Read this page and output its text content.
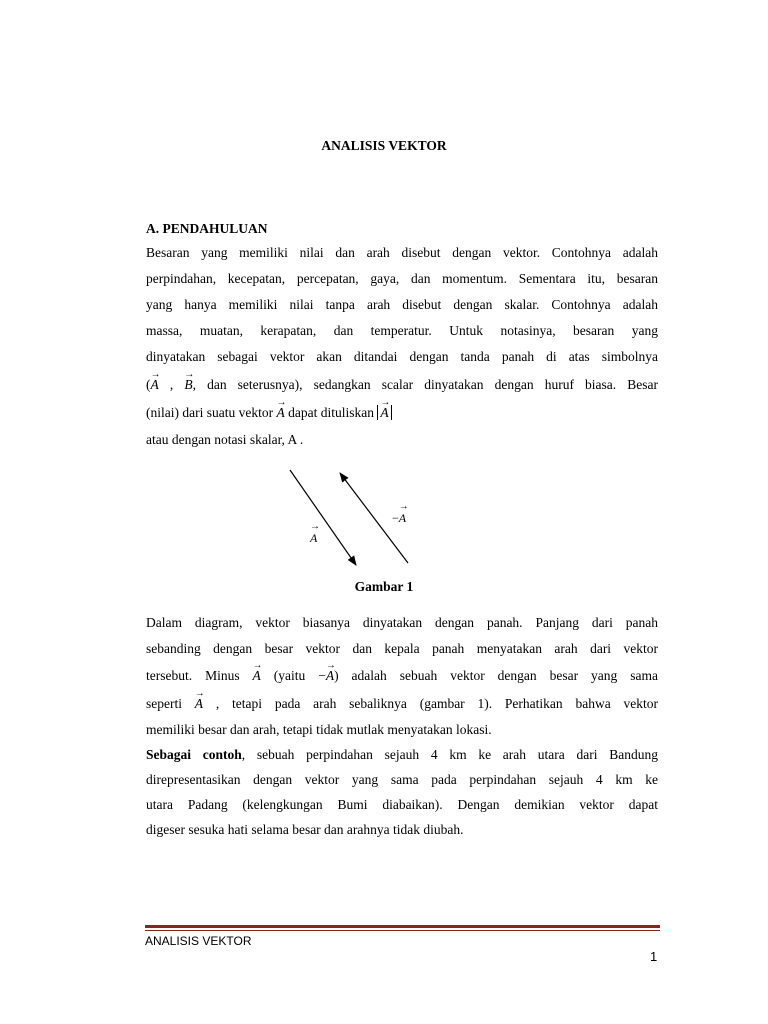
ANALISIS VEKTOR
A. PENDAHULUAN
Besaran yang memiliki nilai dan arah disebut dengan vektor. Contohnya adalah
perpindahan, kecepatan, percepatan, gaya, dan momentum. Sementara itu, besaran
yang hanya memiliki nilai tanpa arah disebut dengan skalar. Contohnya adalah
massa, muatan, kerapatan, dan temperatur. Untuk notasinya, besaran yang
dinyatakan sebagai vektor akan ditandai dengan tanda panah di atas simbolnya
(→ A , → B, dan seterusnya), sedangkan scalar dinyatakan dengan huruf biasa. Besar
(nilai) dari suatu vektor → A dapat dituliskan → A
atau dengan notasi skalar, A .
→ A
−→ A
Gambar 1
Dalam diagram, vektor biasanya dinyatakan dengan panah. Panjang dari panah
sebanding dengan besar vektor dan kepala panah menyatakan arah dari vektor
tersebut. Minus → A (yaitu −→ A) adalah sebuah vektor dengan besar yang sama
seperti → A , tetapi pada arah sebaliknya (gambar 1). Perhatikan bahwa vektor
memiliki besar dan arah, tetapi tidak mutlak menyatakan lokasi.
Sebagai contoh, sebuah perpindahan sejauh 4 km ke arah utara dari Bandung
direpresentasikan dengan vektor yang sama pada perpindahan sejauh 4 km ke
utara Padang (kelengkungan Bumi diabaikan). Dengan demikian vektor dapat
digeser sesuka hati selama besar dan arahnya tidak diubah.
ANALISIS VEKTOR
1
